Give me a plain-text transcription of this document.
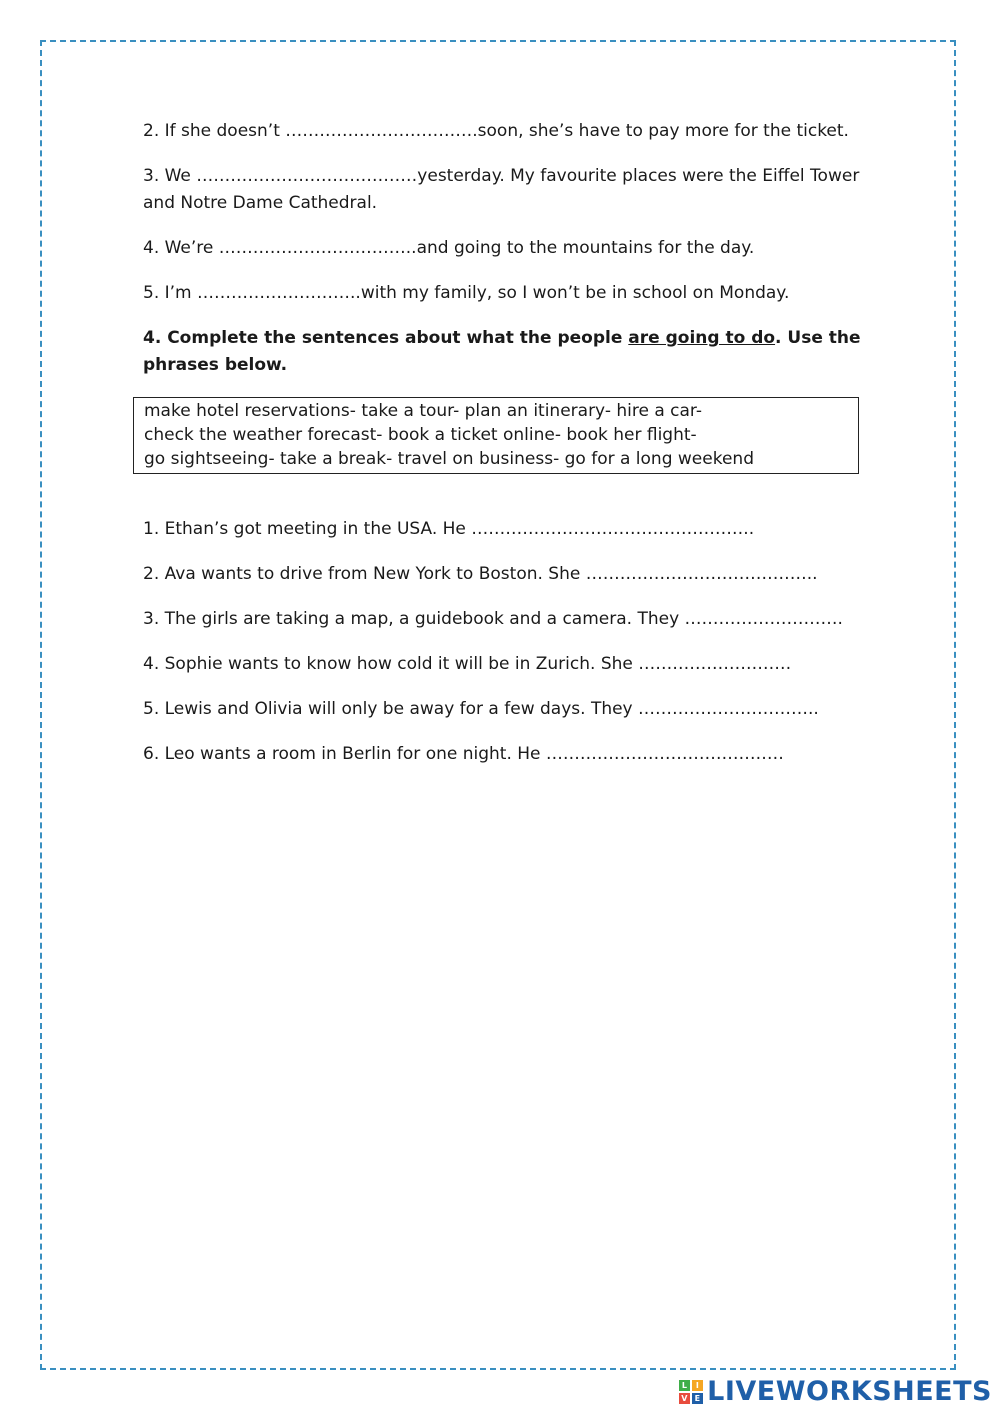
2. If she doesn’t …………………………….soon, she’s have to pay more for the ticket.

3. We …………………………………yesterday. My favourite places were the Eiffel Tower and Notre Dame Cathedral.

4. We’re ……………………………..and going to the mountains for the day.

5. I’m ………………………..with my family, so I won’t be in school on Monday.

4. Complete the sentences about what the people are going to do. Use the phrases below.

make hotel reservations- take a tour- plan an itinerary- hire a car-
check the weather forecast- book a ticket online- book her flight-
go sightseeing- take a break- travel on business- go for a long weekend

1. Ethan’s got meeting in the USA. He …………………………………………..

2. Ava wants to drive from New York to Boston. She …………………………………..

3. The girls are taking a map, a guidebook and a camera. They ……………………….

4. Sophie wants to know how cold it will be in Zurich. She ………………………

5. Lewis and Olivia will only be away for a few days. They …………………………..

6. Leo wants a room in Berlin for one night. He ……………………………………

L	I
V E LIVEWORKSHEETS
